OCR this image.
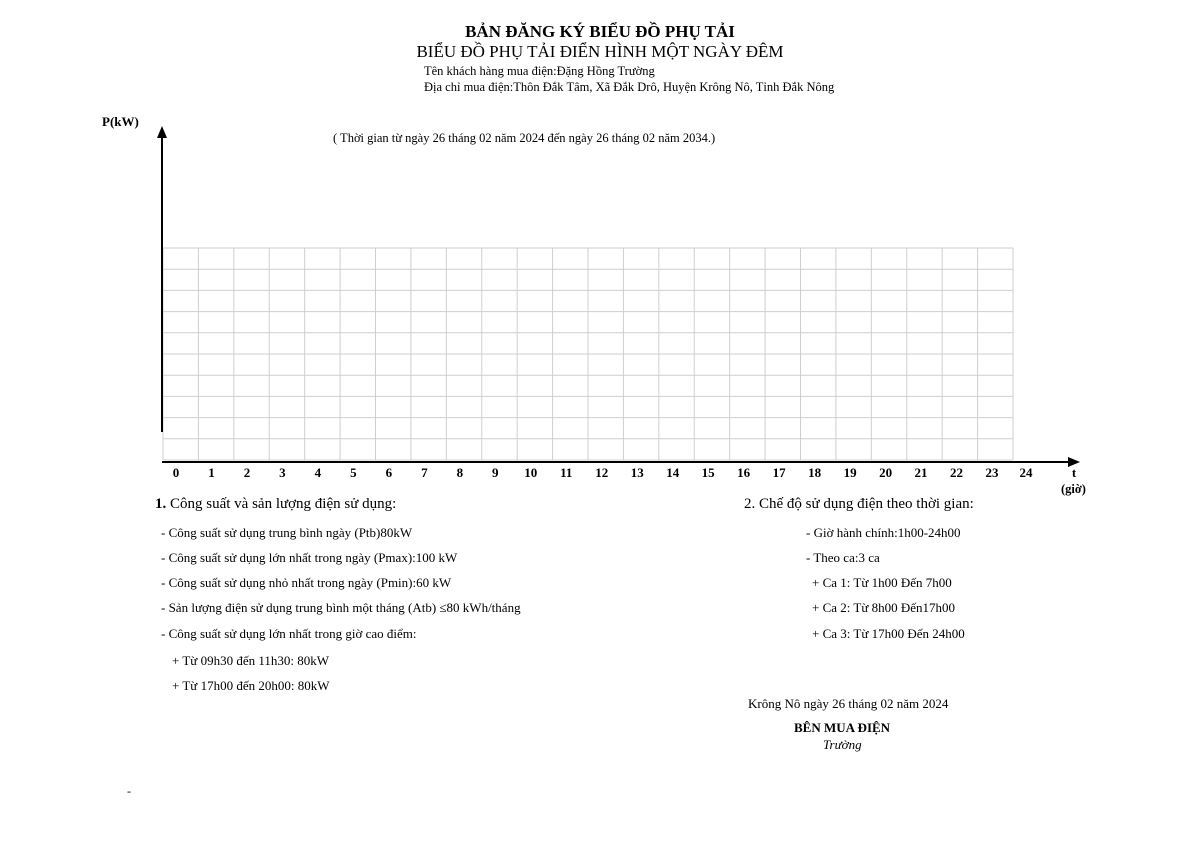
BẢN ĐĂNG KÝ BIỂU ĐỒ PHỤ TẢI
BIỂU ĐỒ PHỤ TẢI ĐIỂN HÌNH MỘT NGÀY ĐÊM
Tên khách hàng mua điện:Đặng Hồng Trường
Địa chỉ mua điện:Thôn Đắk Tâm, Xã Đắk Drô, Huyện Krông Nô, Tỉnh Đắk Nông
P(kW)
( Thời gian từ ngày 26 tháng 02 năm 2024 đến ngày 26 tháng 02 năm 2034.)
(giờ)
0 1 2 3 4 5 6 7 8 9 10 11 12 13 14 15 16 17 18 19 20 21 22 23 24	t
1. Công suất và sản lượng điện sử dụng:
- Công suất sử dụng trung bình ngày (Ptb)80kW
- Công suất sử dụng lớn nhất trong ngày (Pmax):100 kW
- Công suất sử dụng nhỏ nhất trong ngày (Pmin):60 kW
- Sản lượng điện sử dụng trung bình một tháng (Atb) ≤80 kWh/tháng
- Công suất sử dụng lớn nhất trong giờ cao điểm:
+ Từ 09h30 đến 11h30: 80kW
+ Từ 17h00 đến 20h00: 80kW
2. Chế độ sử dụng điện theo thời gian:
- Giờ hành chính:1h00-24h00
- Theo ca:3 ca
+ Ca 1: Từ 1h00 Đến 7h00
+ Ca 2: Từ 8h00 Đến17h00
+ Ca 3: Từ 17h00 Đến 24h00
Krông Nô ngày 26 tháng 02 năm 2024
BÊN MUA ĐIỆN
Trường
-
